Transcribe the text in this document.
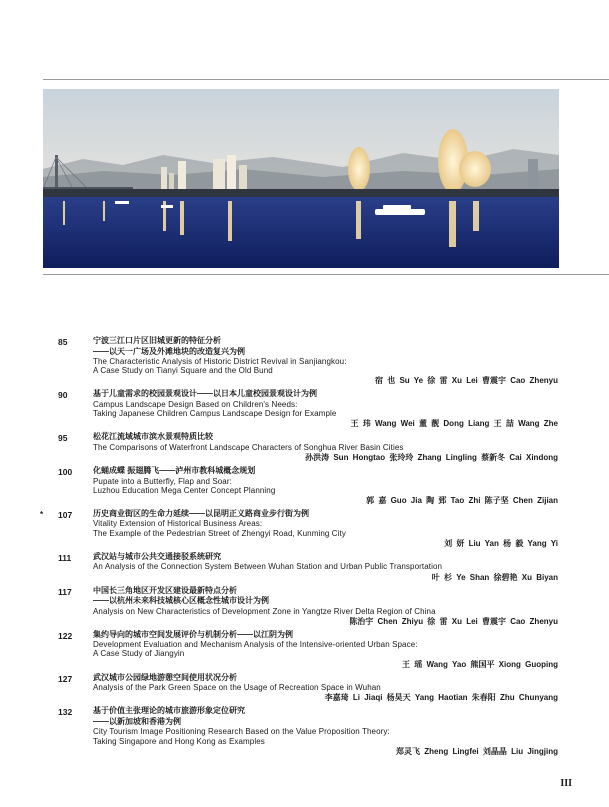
85	宁波三江口片区旧城更新的特征分析
——以天一广场及外滩地块的改造复兴为例
The Characteristic Analysis of Historic District Revival in Sanjiangkou:
A Case Study on Tianyi Square and the Old Bund
宿 也 Su Ye 徐 雷 Xu Lei 曹震宇 Cao Zhenyu
90	基于儿童需求的校园景观设计——以日本儿童校园景观设计为例
Campus Landscape Design Based on Children's Needs:
Taking Japanese Children Campus Landscape Design for Example
王 玮 Wang Wei 董 靓 Dong Liang 王 喆 Wang Zhe
95	松花江流域城市滨水景观特质比较
The Comparisons of Waterfront Landscape Characters of Songhua River Basin Cities
孙洪涛 Sun Hongtao 张玲玲 Zhang Lingling 蔡新冬 Cai Xindong
100	化蛹成蝶 振翅腾飞——泸州市教科城概念规划
Pupate into a Butterfly, Flap and Soar:
Luzhou Education Mega Center Concept Planning
郭 嘉 Guo Jia 陶 郅 Tao Zhi 陈子坚 Chen Zijian
* 107	历史商业街区的生命力延续——以昆明正义路商业步行街为例
Vitality Extension of Historical Business Areas:
The Example of the Pedestrian Street of Zhengyi Road, Kunming City
刘 妍 Liu Yan 杨 毅 Yang Yi
111	武汉站与城市公共交通接驳系统研究
An Analysis of the Connection System Between Wuhan Station and Urban Public Transportation
叶 杉 Ye Shan 徐碧艳 Xu Biyan
117	中国长三角地区开发区建设最新特点分析
——以杭州未来科技城核心区概念性城市设计为例
Analysis on New Characteristics of Development Zone in Yangtze River Delta Region of China
陈治宇 Chen Zhiyu 徐 雷 Xu Lei 曹震宇 Cao Zhenyu
122	集约导向的城市空间发展评价与机制分析——以江阴为例
Development Evaluation and Mechanism Analysis of the Intensive-oriented Urban Space:
A Case Study of Jiangyin
王 瑶 Wang Yao 熊国平 Xiong Guoping
127	武汉城市公园绿地游憩空间使用状况分析
Analysis of the Park Green Space on the Usage of Recreation Space in Wuhan
李嘉琦 Li Jiaqi 杨昊天 Yang Haotian 朱春阳 Zhu Chunyang
132	基于价值主张理论的城市旅游形象定位研究
——以新加坡和香港为例
City Tourism Image Positioning Research Based on the Value Proposition Theory:
Taking Singapore and Hong Kong as Examples
郑灵飞 Zheng Lingfei 刘晶晶 Liu Jingjing
III
